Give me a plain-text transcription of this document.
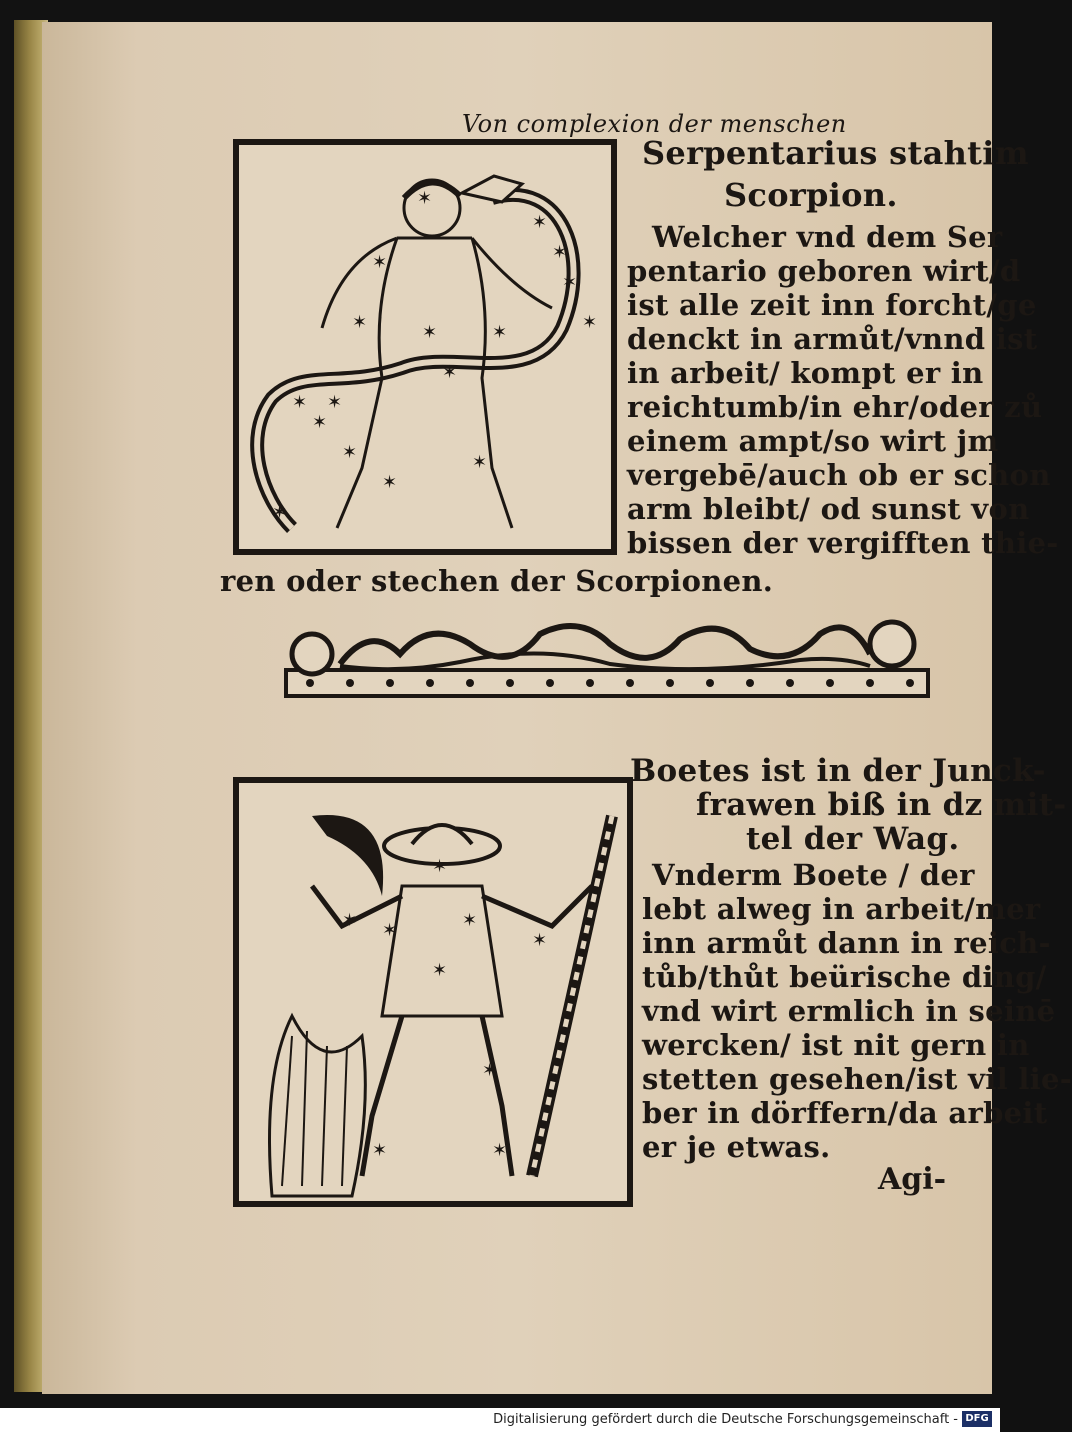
Von complexion der menschen
✶
✶
✶
✶
✶
✶
✶
✶
✶
✶
✶
✶
✶
✶
✶
✶
✶
Serpentarius stahtim
Scorpion.
Welcher vnd dem Ser
pentario geboren wirt/d
ist alle zeit inn forcht/ge
denckt in armůt/vnnd ist
in arbeit/ kompt er in
reichtumb/in ehr/oder zů
einem ampt/so wirt jm
vergebē/auch ob er schon
arm bleibt/ od sunst von
bissen der vergifften thie-
ren oder stechen der Scorpionen.
✶
✶	✶
✶
✶
✶
✶	✶
✶
Boetes ist in der Junck-
frawen biß in dz mit-
tel der Wag.
Vnderm Boete / der
lebt alweg in arbeit/mer
inn armůt dann in reich-
tůb/thůt beürische ding/
vnd wirt ermlich in seinē
wercken/ ist nit gern in
stetten gesehen/ist vil lie-
ber in dörffern/da arbeit
er je etwas.
Agi-
Digitalisierung gefördert durch die Deutsche Forschungsgemeinschaft - DFG
